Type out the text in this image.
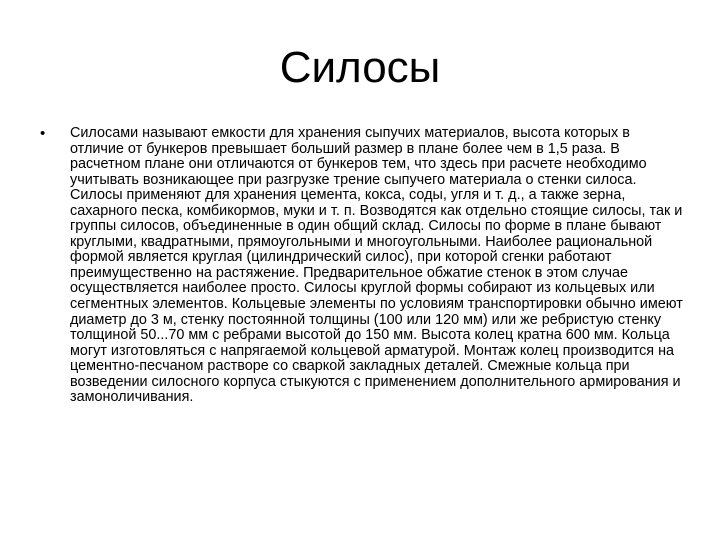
Силосы
• Силосами называют емкости для хранения сыпучих материалов, высота которых в отличие от бункеров превышает больший размер в плане более чем в 1,5 раза. В расчетном плане они отличаются от бункеров тем, что здесь при расчете необходимо учитывать возникающее при разгрузке трение сыпучего материала о стенки силоса. Силосы применяют для хранения цемента, кокса, соды, угля и т. д., а также зерна, сахарного песка, комбикормов, муки и т. п. Возводятся как отдельно стоящие силосы, так и группы силосов, объединенные в один общий склад. Силосы по форме в плане бывают круглыми, квадратными, прямоугольными и многоугольными. Наиболее рациональной формой является круглая (цилиндрический силос), при которой сгенки работают преимущественно на растяжение. Предварительное обжатие стенок в этом случае осуществляется наиболее просто. Силосы круглой формы собирают из кольцевых или сегментных элементов. Кольцевые элементы по условиям транспортировки обычно имеют диаметр до 3 м, стенку постоянной толщины (100 или 120 мм) или же ребристую стенку толщиной 50...70 мм с ребрами высотой до 150 мм. Высота колец кратна 600 мм. Кольца могут изготовляться с напрягаемой кольцевой арматурой. Монтаж колец производится на цементно-песчаном растворе со сваркой закладных деталей. Смежные кольца при возведении силосного корпуса стыкуются с применением дополнительного армирования и замоноличивания.
